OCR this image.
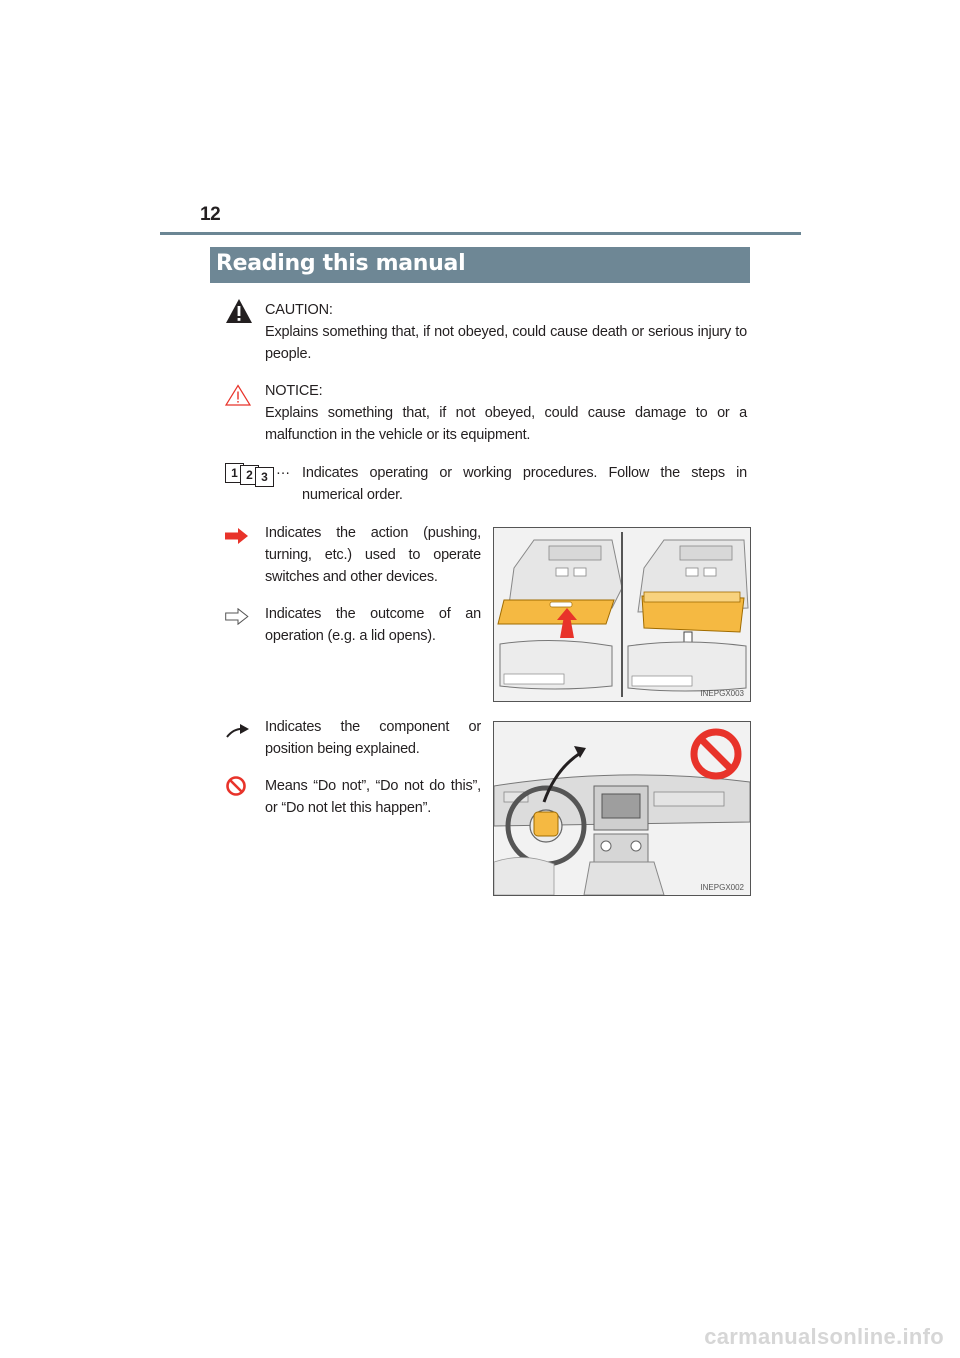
12
Reading this manual
CAUTION:
Explains something that, if not obeyed, could cause death or serious injury to people.
NOTICE:
Explains something that, if not obeyed, could cause damage to or a malfunction in the vehicle or its equipment.
1 2 3 ··· Indicates operating or working procedures. Follow the steps in numerical order.
Indicates the action (pushing, turning, etc.) used to operate switches and other devices.
Indicates the outcome of an operation (e.g. a lid opens).
INEPGX003
Indicates the component or position being explained.
Means “Do not”, “Do not do this”, or “Do not let this happen”.
INEPGX002
carmanualsonline.info
